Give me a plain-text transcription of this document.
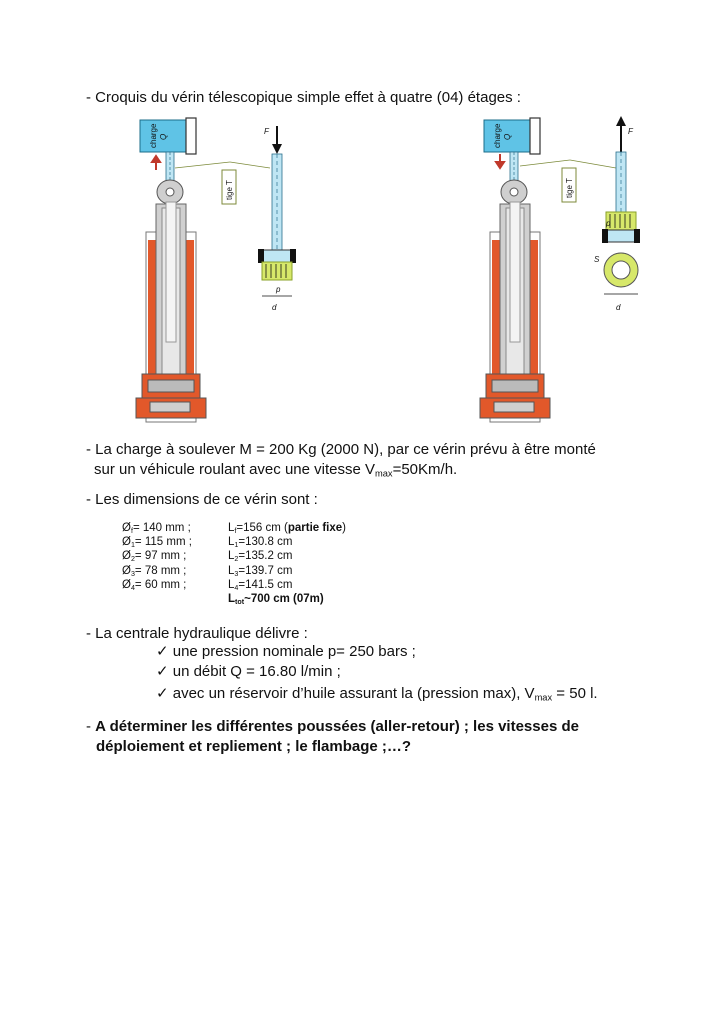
- Croquis du vérin télescopique simple effet à quatre (04) étages :
charge Q
tige T
F
p
d
charge Q
tige T
F
S
p
d
- La charge à soulever M = 200 Kg (2000 N), par ce vérin prévu à être monté
sur un véhicule roulant avec une vitesse $V_{max}=50Km/h$.
- Les dimensions de ce vérin sont :
$Ø_f= 140$ mm ;	$L_f=156$ cm (partie fixe)
$Ø_1= 115$ mm ;	$L_1=130.8$ cm
$Ø_2= 97$ mm ;	$L_2=135.2$ cm
$Ø_3= 78$ mm ;	$L_3=139.7$ cm
$Ø_4= 60$ mm ;	$L_4=141.5$ cm
$L_{tot}\sim 700$ cm (07m)
- La centrale hydraulique délivre :
✓ une pression nominale p= 250 bars ;
✓ un débit Q = 16.80 l/min ;
✓ avec un réservoir d’huile assurant la (pression max), $V_{max} = 50$ l.
- A déterminer les différentes poussées (aller-retour) ; les vitesses de
déploiement et repliement ; le flambage ;…?
